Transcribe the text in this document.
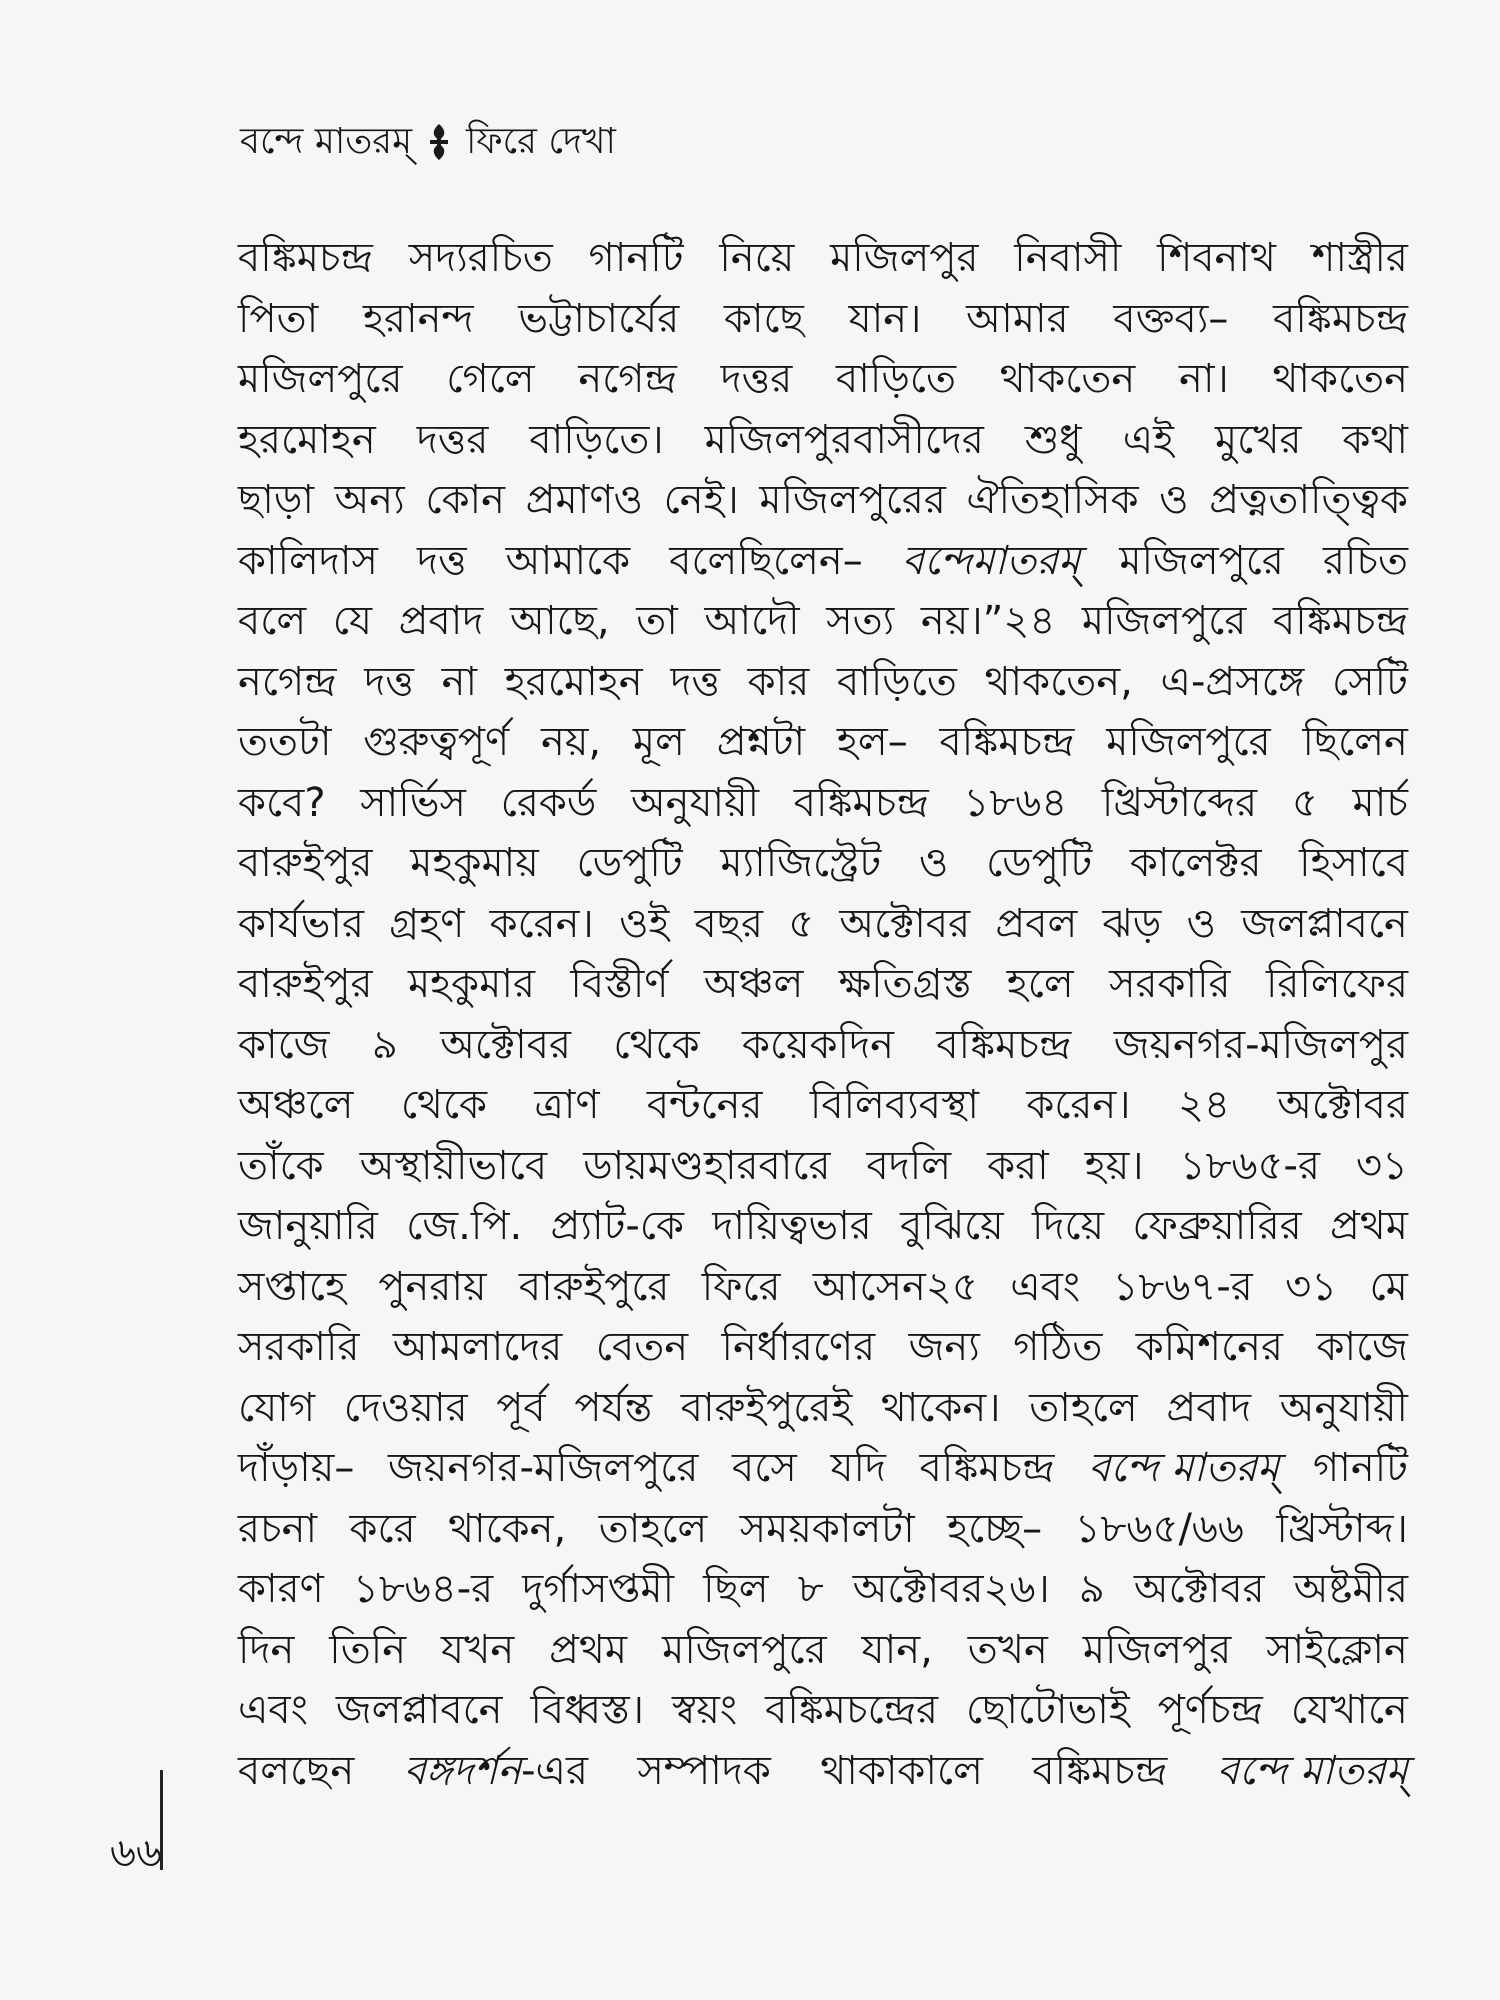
বন্দে মাতরম্ ফিরে দেখা
বঙ্কিমচন্দ্র সদ্যরচিত গানটি নিয়ে মজিলপুর নিবাসী শিবনাথ শাস্ত্রীর
পিতা হরানন্দ ভট্টাচার্যের কাছে যান। আমার বক্তব্য– বঙ্কিমচন্দ্র
মজিলপুরে গেলে নগেন্দ্র দত্তর বাড়িতে থাকতেন না। থাকতেন
হরমোহন দত্তর বাড়িতে। মজিলপুরবাসীদের শুধু এই মুখের কথা
ছাড়া অন্য কোন প্রমাণও নেই। মজিলপুরের ঐতিহাসিক ও প্রত্নতাত্ত্বিক
কালিদাস দত্ত আমাকে বলেছিলেন– বন্দেমাতরম্ মজিলপুরে রচিত
বলে যে প্রবাদ আছে, তা আদৌ সত্য নয়।”২৪ মজিলপুরে বঙ্কিমচন্দ্র
নগেন্দ্র দত্ত না হরমোহন দত্ত কার বাড়িতে থাকতেন, এ-প্রসঙ্গে সেটি
ততটা গুরুত্বপূর্ণ নয়, মূল প্রশ্নটা হল– বঙ্কিমচন্দ্র মজিলপুরে ছিলেন
কবে? সার্ভিস রেকর্ড অনুযায়ী বঙ্কিমচন্দ্র ১৮৬৪ খ্রিস্টাব্দের ৫ মার্চ
বারুইপুর মহকুমায় ডেপুটি ম্যাজিস্ট্রেট ও ডেপুটি কালেক্টর হিসাবে
কার্যভার গ্রহণ করেন। ওই বছর ৫ অক্টোবর প্রবল ঝড় ও জলপ্লাবনে
বারুইপুর মহকুমার বিস্তীর্ণ অঞ্চল ক্ষতিগ্রস্ত হলে সরকারি রিলিফের
কাজে ৯ অক্টোবর থেকে কয়েকদিন বঙ্কিমচন্দ্র জয়নগর-মজিলপুর
অঞ্চলে থেকে ত্রাণ বন্টনের বিলিব্যবস্থা করেন। ২৪ অক্টোবর
তাঁকে অস্থায়ীভাবে ডায়মণ্ডহারবারে বদলি করা হয়। ১৮৬৫-র ৩১
জানুয়ারি জে.পি. প্র্যাট-কে দায়িত্বভার বুঝিয়ে দিয়ে ফেব্রুয়ারির প্রথম
সপ্তাহে পুনরায় বারুইপুরে ফিরে আসেন২৫ এবং ১৮৬৭-র ৩১ মে
সরকারি আমলাদের বেতন নির্ধারণের জন্য গঠিত কমিশনের কাজে
যোগ দেওয়ার পূর্ব পর্যন্ত বারুইপুরেই থাকেন। তাহলে প্রবাদ অনুযায়ী
দাঁড়ায়– জয়নগর-মজিলপুরে বসে যদি বঙ্কিমচন্দ্র বন্দে মাতরম্ গানটি
রচনা করে থাকেন, তাহলে সময়কালটা হচ্ছে– ১৮৬৫/৬৬ খ্রিস্টাব্দ।
কারণ ১৮৬৪-র দুর্গাসপ্তমী ছিল ৮ অক্টোবর২৬। ৯ অক্টোবর অষ্টমীর
দিন তিনি যখন প্রথম মজিলপুরে যান, তখন মজিলপুর সাইক্লোন
এবং জলপ্লাবনে বিধ্বস্ত। স্বয়ং বঙ্কিমচন্দ্রের ছোটোভাই পূর্ণচন্দ্র যেখানে
বলছেন বঙ্গদর্শন-এর সম্পাদক থাকাকালে বঙ্কিমচন্দ্র বন্দে মাতরম্
৬৬
